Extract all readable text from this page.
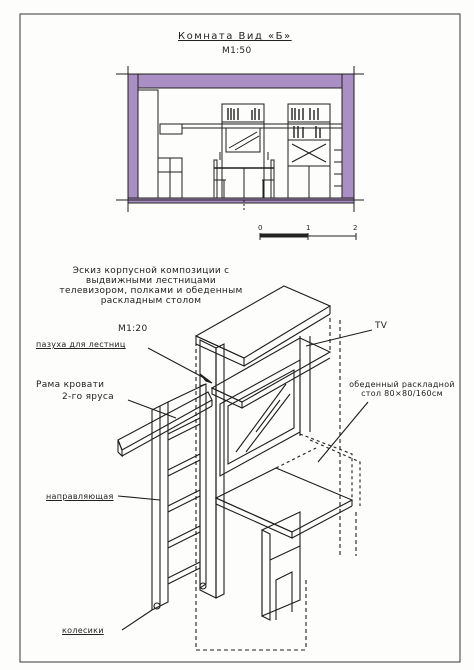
Комната Вид «Б»
М1:50
0	1	2
Эскиз корпусной композиции с выдвижными лестницами телевизором, полками и обеденным раскладным столом
М1:20	TV
пазуха для лестниц
Рама кровати
2-го яруса
обеденный раскладной стол 80×80/160см
направляющая
колесики
